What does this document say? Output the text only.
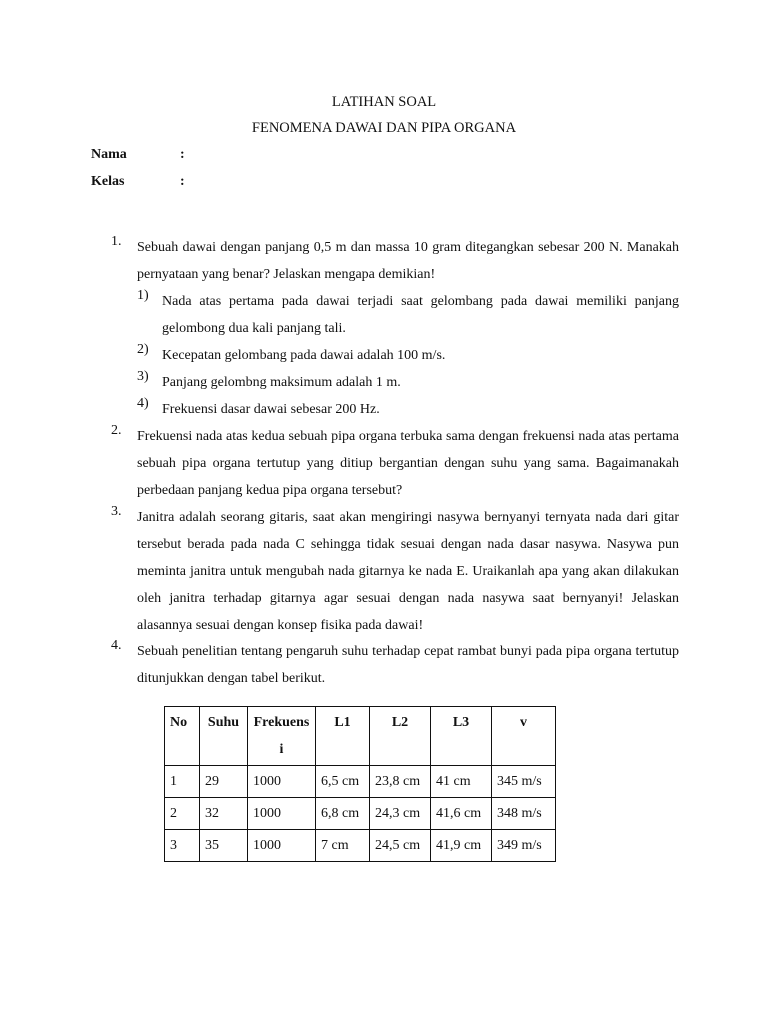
LATIHAN SOAL
FENOMENA DAWAI DAN PIPA ORGANA
Nama	:
Kelas	:
1. Sebuah dawai dengan panjang 0,5 m dan massa 10 gram ditegangkan sebesar 200 N. Manakah pernyataan yang benar? Jelaskan mengapa demikian!
1) Nada atas pertama pada dawai terjadi saat gelombang pada dawai memiliki panjang gelombong dua kali panjang tali.
2) Kecepatan gelombang pada dawai adalah 100 m/s.
3) Panjang gelombng maksimum adalah 1 m.
4) Frekuensi dasar dawai sebesar 200 Hz.
2. Frekuensi nada atas kedua sebuah pipa organa terbuka sama dengan frekuensi nada atas pertama sebuah pipa organa tertutup yang ditiup bergantian dengan suhu yang sama. Bagaimanakah perbedaan panjang kedua pipa organa tersebut?
3. Janitra adalah seorang gitaris, saat akan mengiringi nasywa bernyanyi ternyata nada dari gitar tersebut berada pada nada C sehingga tidak sesuai dengan nada dasar nasywa. Nasywa pun meminta janitra untuk mengubah nada gitarnya ke nada E. Uraikanlah apa yang akan dilakukan oleh janitra terhadap gitarnya agar sesuai dengan nada nasywa saat bernyanyi! Jelaskan alasannya sesuai dengan konsep fisika pada dawai!
4. Sebuah penelitian tentang pengaruh suhu terhadap cepat rambat bunyi pada pipa organa tertutup ditunjukkan dengan tabel berikut.
No	Suhu	Frekuensi	L1	L2	L3	v
1	29	1000	6,5 cm	23,8 cm	41 cm	345 m/s
2	32	1000	6,8 cm	24,3 cm	41,6 cm	348 m/s
3	35	1000	7 cm	24,5 cm	41,9 cm	349 m/s
